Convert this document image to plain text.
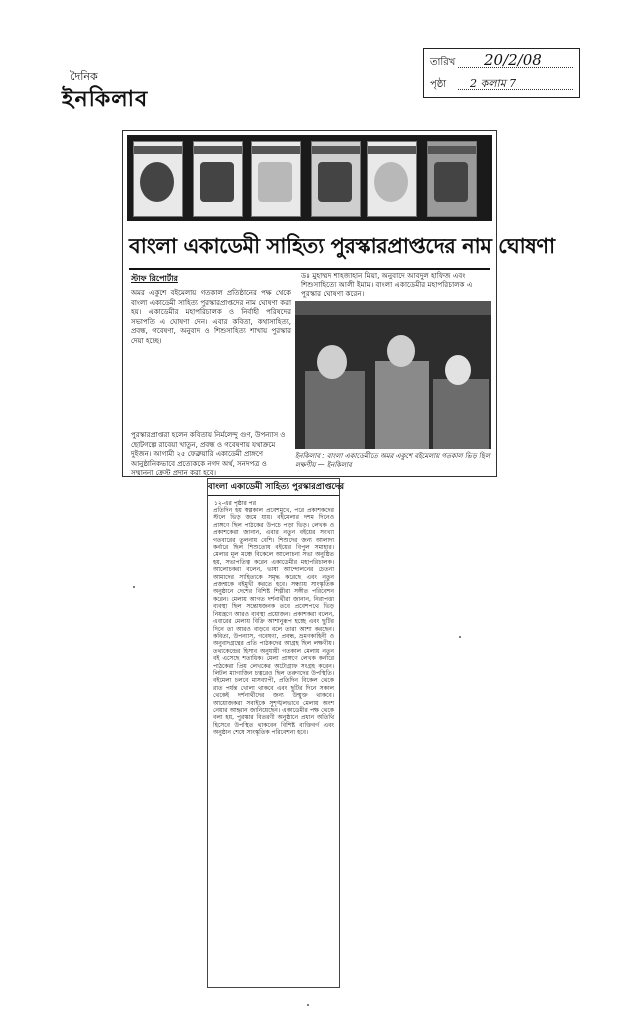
দৈনিক
ইনকিলাব
তারিখ 20/2/08
পৃষ্ঠা 2 কলাম 7
বাংলা একাডেমী সাহিত্য পুরস্কারপ্রাপ্তদের নাম ঘোষণা
স্টাফ রিপোর্টার	ডঃ মুহাম্মদ শাহজাহান মিয়া, অনুবাদে আবদুল হাফিজ এবং শিশুসাহিত্যে আলী ইমাম। বাংলা একাডেমীর মহাপরিচালক এ পুরস্কার ঘোষণা করেন।
অমর একুশে বইমেলায় গতকাল প্রতিষ্ঠানের পক্ষ থেকে বাংলা একাডেমী সাহিত্য পুরস্কারপ্রাপ্তদের নাম ঘোষণা করা হয়। একাডেমীর মহাপরিচালক ও নির্বাহী পরিষদের সভাপতি এ ঘোষণা দেন। এবার কবিতা, কথাসাহিত্য, প্রবন্ধ, গবেষণা, অনুবাদ ও শিশুসাহিত্য শাখায় পুরস্কার দেয়া হচ্ছে।
ইনকিলাব : বাংলা একাডেমীতে অমর একুশে বইমেলায় গতকাল ভিড় ছিল লক্ষণীয় — ইনকিলাব
পুরস্কারপ্রাপ্তরা হলেন কবিতায় নির্মলেন্দু গুণ, উপন্যাস ও ছোটগল্পে রাবেয়া খাতুন, প্রবন্ধ ও গবেষণায় যথাক্রমে দুইজন। আগামী ২৫ ফেব্রুয়ারি একাডেমী প্রাঙ্গণে আনুষ্ঠানিকভাবে প্রত্যেককে নগদ অর্থ, সনদপত্র ও সম্মাননা ক্রেস্ট প্রদান করা হবে।
বাংলা একাডেমী সাহিত্য পুরস্কারপ্রাপ্তদের
১২-এর পৃষ্ঠার পর
প্রতিদিন হয় স্বল্পকাল প্রবেশমুখে, পরে প্রকাশকদের স্টলে ভিড় জমে যায়। বইমেলার দশম দিনেও প্রাঙ্গণে ছিল পাঠকের উপচে পড়া ভিড়। লেখক ও প্রকাশকেরা জানান, এবার নতুন বইয়ের সংখ্যা গতবারের তুলনায় বেশি। শিশুদের জন্য আলাদা কর্নারে ছিল শিশুতোষ বইয়ের বিপুল সমাহার। মেলার মূল মঞ্চে বিকেলে আলোচনা সভা অনুষ্ঠিত হয়, সভাপতিত্ব করেন একাডেমীর মহাপরিচালক। আলোচকরা বলেন, ভাষা আন্দোলনের চেতনা আমাদের সাহিত্যকে সমৃদ্ধ করেছে এবং নতুন প্রজন্মকে বইমুখী করতে হবে। সন্ধ্যায় সাংস্কৃতিক অনুষ্ঠানে দেশের বিশিষ্ট শিল্পীরা সঙ্গীত পরিবেশন করেন। মেলায় আগত দর্শনার্থীরা জানান, নিরাপত্তা ব্যবস্থা ছিল সন্তোষজনক তবে প্রবেশপথে ভিড় নিয়ন্ত্রণে আরও ব্যবস্থা প্রয়োজন। প্রকাশকরা বলেন, এবারের মেলায় বিক্রি আশানুরূপ হচ্ছে এবং ছুটির দিনে তা আরও বাড়বে বলে তারা আশা করছেন। কবিতা, উপন্যাস, গবেষণা, প্রবন্ধ, ভ্রমণকাহিনী ও অনুবাদগ্রন্থের প্রতি পাঠকদের আগ্রহ ছিল লক্ষণীয়। তথ্যকেন্দ্রের হিসাব অনুযায়ী গতকাল মেলায় নতুন বই এসেছে শতাধিক। মেলা প্রাঙ্গণে লেখক কর্নারে পাঠকেরা প্রিয় লেখকের অটোগ্রাফ সংগ্রহ করেন। লিটল ম্যাগাজিন চত্বরেও ছিল তরুণদের উপস্থিতি। বইমেলা চলবে মাসব্যাপী, প্রতিদিন বিকেল থেকে রাত পর্যন্ত খোলা থাকবে এবং ছুটির দিনে সকাল থেকেই দর্শনার্থীদের জন্য উন্মুক্ত থাকবে। আয়োজকরা সবাইকে সুশৃঙ্খলভাবে মেলায় অংশ নেয়ার আহ্বান জানিয়েছেন। একাডেমীর পক্ষ থেকে বলা হয়, পুরস্কার বিতরণী অনুষ্ঠানে প্রধান অতিথি হিসেবে উপস্থিত থাকবেন বিশিষ্ট ব্যক্তিবর্গ এবং অনুষ্ঠান শেষে সাংস্কৃতিক পরিবেশনা হবে।
